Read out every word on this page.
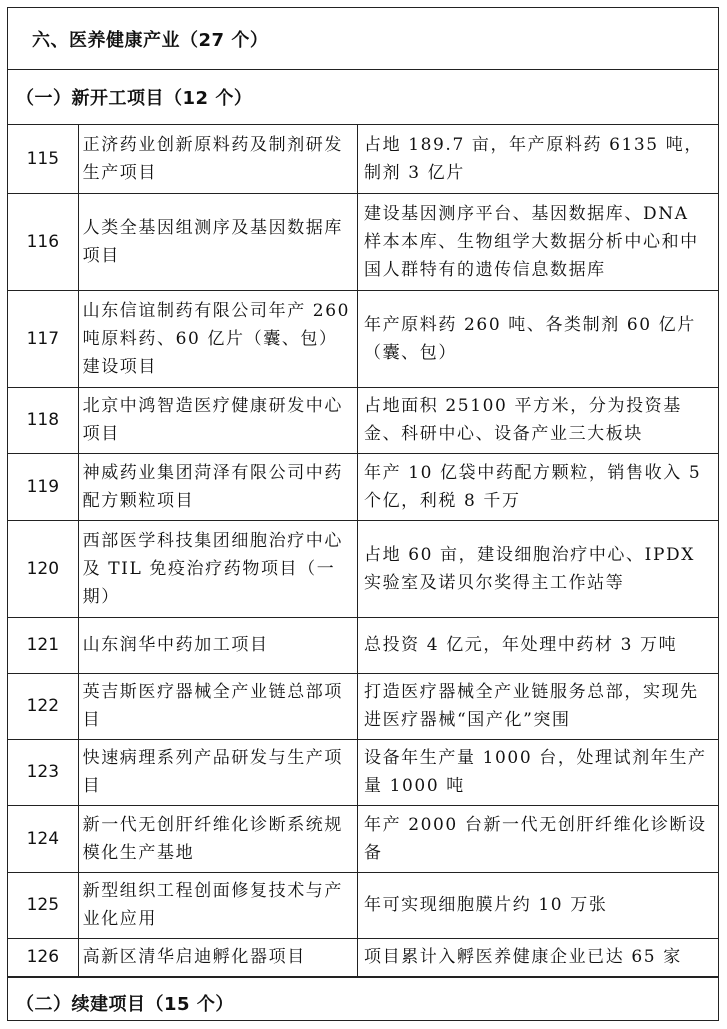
六、医养健康产业（27 个）
（一）新开工项目（12 个）
115	正济药业创新原料药及制剂研发生产项目	占地 189.7 亩，年产原料药 6135 吨，制剂 3 亿片
116	人类全基因组测序及基因数据库项目	建设基因测序平台、基因数据库、DNA 样本本库、生物组学大数据分析中心和中国人群特有的遗传信息数据库
117	山东信谊制药有限公司年产 260 吨原料药、60 亿片（囊、包）建设项目	年产原料药 260 吨、各类制剂 60 亿片（囊、包）
118	北京中鸿智造医疗健康研发中心项目	占地面积 25100 平方米，分为投资基金、科研中心、设备产业三大板块
119	神威药业集团菏泽有限公司中药配方颗粒项目	年产 10 亿袋中药配方颗粒，销售收入 5 个亿，利税 8 千万
120	西部医学科技集团细胞治疗中心及 TIL 免疫治疗药物项目（一期）	占地 60 亩，建设细胞治疗中心、IPDX 实验室及诺贝尔奖得主工作站等
121	山东润华中药加工项目	总投资 4 亿元，年处理中药材 3 万吨
122	英吉斯医疗器械全产业链总部项目	打造医疗器械全产业链服务总部，实现先进医疗器械“国产化”突围
123	快速病理系列产品研发与生产项目	设备年生产量 1000 台，处理试剂年生产量 1000 吨
124	新一代无创肝纤维化诊断系统规模化生产基地	年产 2000 台新一代无创肝纤维化诊断设备
125	新型组织工程创面修复技术与产业化应用	年可实现细胞膜片约 10 万张
126	高新区清华启迪孵化器项目	项目累计入孵医养健康企业已达 65 家
（二）续建项目（15 个）
